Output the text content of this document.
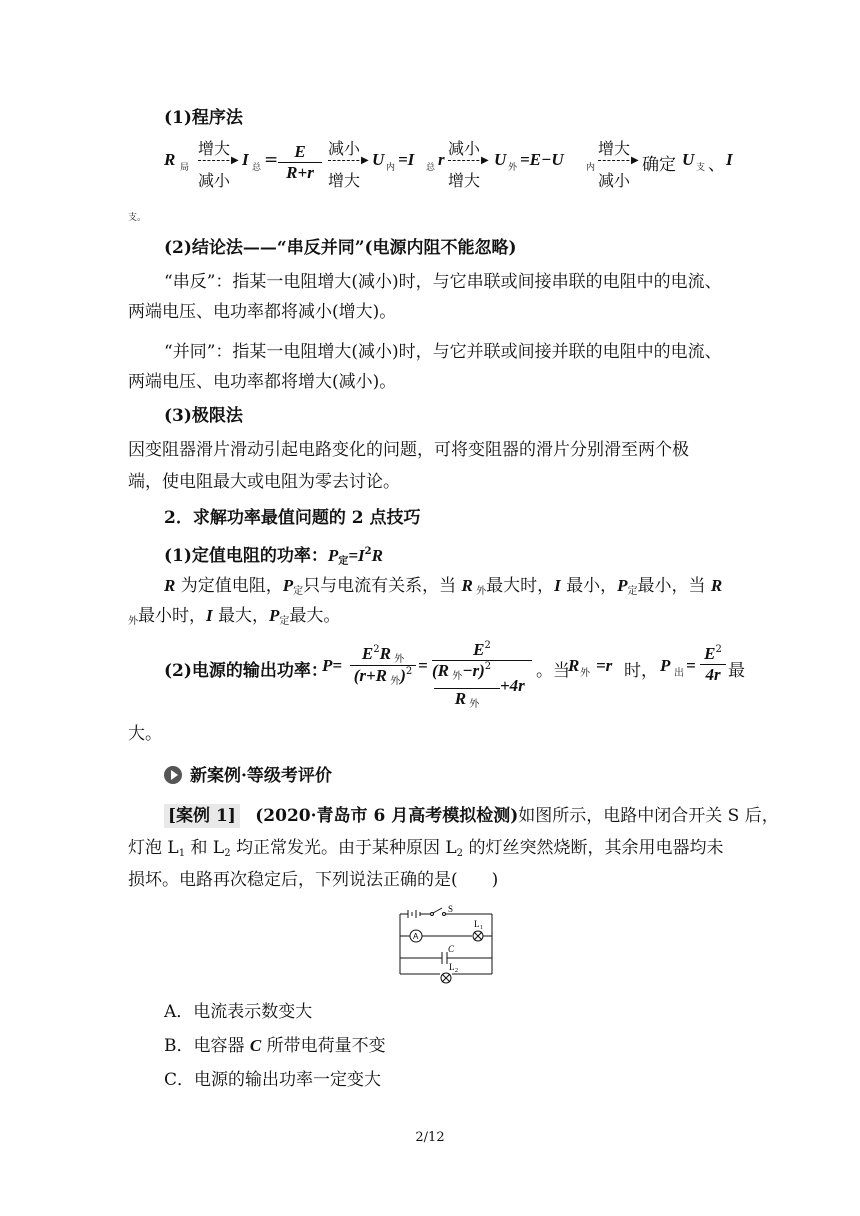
(1)程序法
R 局
增大
▶
减小
I 总 = $\frac{E}{R+r}$ 减小
▶
增大
U 内 =I 总 r
减小
▶
增大
U 外 =E−U 内
增大
▶
减小
确定 U 支 、 I
支。
(2)结论法——“串反并同”(电源内阻不能忽略)
“串反”：指某一电阻增大(减小)时，与它串联或间接串联的电阻中的电流、
两端电压、电功率都将减小(增大)。
“并同”：指某一电阻增大(减小)时，与它并联或间接并联的电阻中的电流、
两端电压、电功率都将增大(减小)。
(3)极限法
因变阻器滑片滑动引起电路变化的问题，可将变阻器的滑片分别滑至两个极
端，使电阻最大或电阻为零去讨论。
2．求解功率最值问题的 2 点技巧
(1)定值电阻的功率：$P_定=I^2R$
R 为定值电阻，$P_定$只与电流有关系，当 R $_外$最大时，I 最小，$P_定$最小，当 R
$_外$最小时，I 最大，$P_定$最大。
(2)电源的输出功率：
P=
$E^2R$ $_外$
(r+R $_外$)$^2$ =
$E^2$
(R $_外$−r)$^2$
R $_外$
+4r
。当
R 外 =r 时， P 出 = $\frac{E^2}{4r}$ 最
大。
新案例·等级考评价
[案例 1] (2020·青岛市 6 月高考模拟检测)如图所示，电路中闭合开关 S 后，
灯泡 $L_1$ 和 $L_2$ 均正常发光。由于某种原因 $L_2$ 的灯丝突然烧断，其余用电器均未
损坏。电路再次稳定后，下列说法正确的是(　　)
S
L 1
A
C
L 2
A．电流表示数变大
B．电容器 C 所带电荷量不变
C．电源的输出功率一定变大
2/12
